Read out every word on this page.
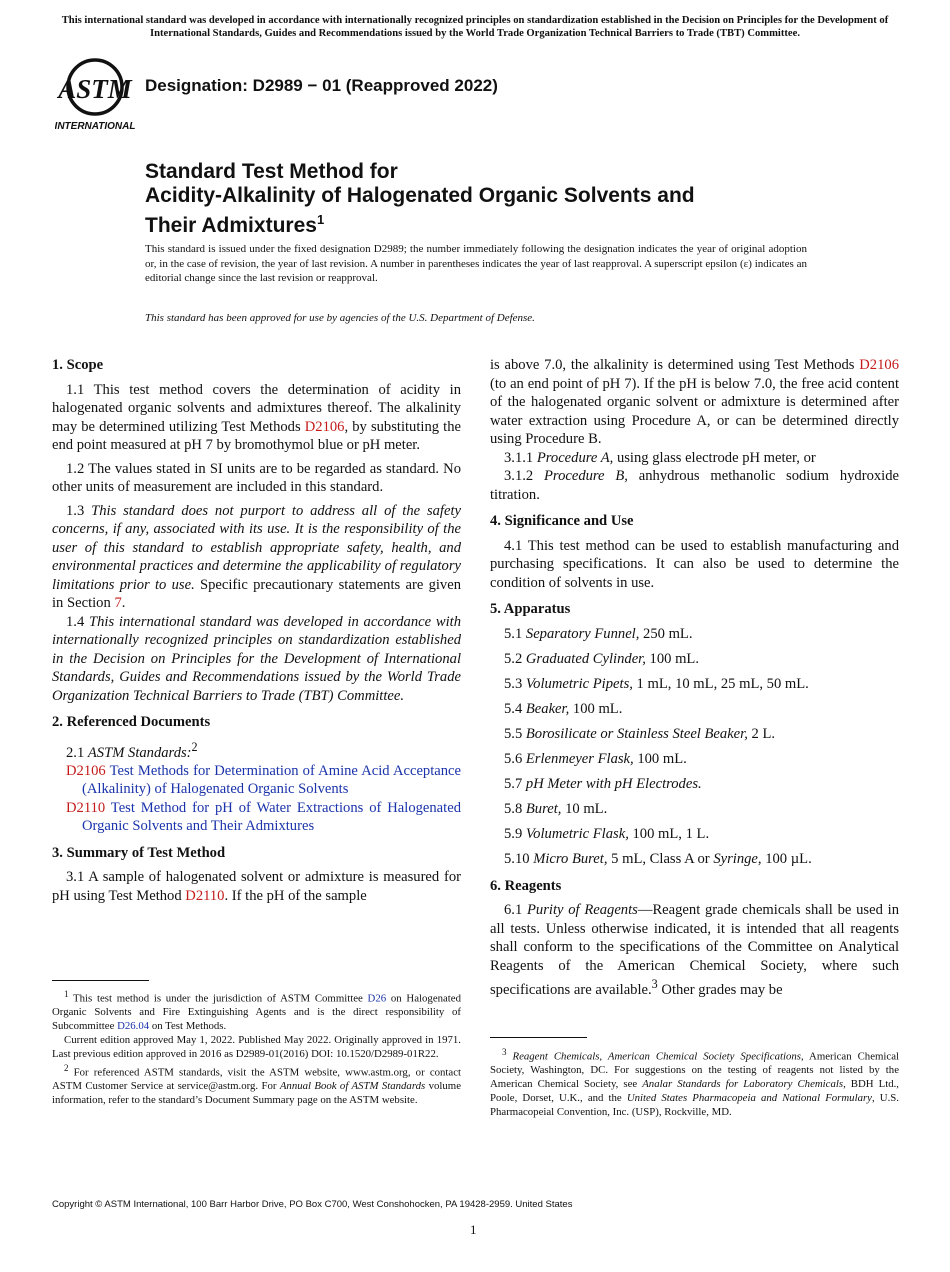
This international standard was developed in accordance with internationally recognized principles on standardization established in the Decision on Principles for the Development of International Standards, Guides and Recommendations issued by the World Trade Organization Technical Barriers to Trade (TBT) Committee.
ASTM
INTERNATIONAL
Designation: D2989 − 01 (Reapproved 2022)
Standard Test Method for
Acidity-Alkalinity of Halogenated Organic Solvents and
Their Admixtures$^1$
This standard is issued under the fixed designation D2989; the number immediately following the designation indicates the year of original adoption or, in the case of revision, the year of last revision. A number in parentheses indicates the year of last reapproval. A superscript epsilon (ε) indicates an editorial change since the last revision or reapproval.
This standard has been approved for use by agencies of the U.S. Department of Defense.
1. Scope

1.1 This test method covers the determination of acidity in halogenated organic solvents and admixtures thereof. The alkalinity may be determined utilizing Test Methods D2106, by substituting the end point measured at pH 7 by bromothymol blue or pH meter.

1.2 The values stated in SI units are to be regarded as standard. No other units of measurement are included in this standard.

1.3 This standard does not purport to address all of the safety concerns, if any, associated with its use. It is the responsibility of the user of this standard to establish appropriate safety, health, and environmental practices and determine the applicability of regulatory limitations prior to use. Specific precautionary statements are given in Section 7.

1.4 This international standard was developed in accordance with internationally recognized principles on standardization established in the Decision on Principles for the Development of International Standards, Guides and Recommendations issued by the World Trade Organization Technical Barriers to Trade (TBT) Committee.

2. Referenced Documents

2.1 ASTM Standards:$^2$

D2106 Test Methods for Determination of Amine Acid Acceptance (Alkalinity) of Halogenated Organic Solvents

D2110 Test Method for pH of Water Extractions of Halogenated Organic Solvents and Their Admixtures

3. Summary of Test Method

3.1 A sample of halogenated solvent or admixture is measured for pH using Test Method D2110. If the pH of the sample

$^1$ This test method is under the jurisdiction of ASTM Committee D26 on Halogenated Organic Solvents and Fire Extinguishing Agents and is the direct responsibility of Subcommittee D26.04 on Test Methods.

Current edition approved May 1, 2022. Published May 2022. Originally approved in 1971. Last previous edition approved in 2016 as D2989-01(2016) DOI: 10.1520/D2989-01R22.

$^2$ For referenced ASTM standards, visit the ASTM website, www.astm.org, or contact ASTM Customer Service at service@astm.org. For Annual Book of ASTM Standards volume information, refer to the standard’s Document Summary page on the ASTM website.

is above 7.0, the alkalinity is determined using Test Methods D2106 (to an end point of pH 7). If the pH is below 7.0, the free acid content of the halogenated organic solvent or admixture is determined after water extraction using Procedure A, or can be determined directly using Procedure B.

3.1.1 Procedure A, using glass electrode pH meter, or

3.1.2 Procedure B, anhydrous methanolic sodium hydroxide titration.

4. Significance and Use

4.1 This test method can be used to establish manufacturing and purchasing specifications. It can also be used to determine the condition of solvents in use.

5. Apparatus

5.1 Separatory Funnel, 250 mL.

5.2 Graduated Cylinder, 100 mL.

5.3 Volumetric Pipets, 1 mL, 10 mL, 25 mL, 50 mL.

5.4 Beaker, 100 mL.

5.5 Borosilicate or Stainless Steel Beaker, 2 L.

5.6 Erlenmeyer Flask, 100 mL.

5.7 pH Meter with pH Electrodes.

5.8 Buret, 10 mL.

5.9 Volumetric Flask, 100 mL, 1 L.

5.10 Micro Buret, 5 mL, Class A or Syringe, 100 µL.

6. Reagents

6.1 Purity of Reagents—Reagent grade chemicals shall be used in all tests. Unless otherwise indicated, it is intended that all reagents shall conform to the specifications of the Committee on Analytical Reagents of the American Chemical Society, where such specifications are available.$^3$ Other grades may be

$^3$ Reagent Chemicals, American Chemical Society Specifications, American Chemical Society, Washington, DC. For suggestions on the testing of reagents not listed by the American Chemical Society, see Analar Standards for Laboratory Chemicals, BDH Ltd., Poole, Dorset, U.K., and the United States Pharmacopeia and National Formulary, U.S. Pharmacopeial Convention, Inc. (USP), Rockville, MD.

Copyright © ASTM International, 100 Barr Harbor Drive, PO Box C700, West Conshohocken, PA 19428-2959. United States
1
